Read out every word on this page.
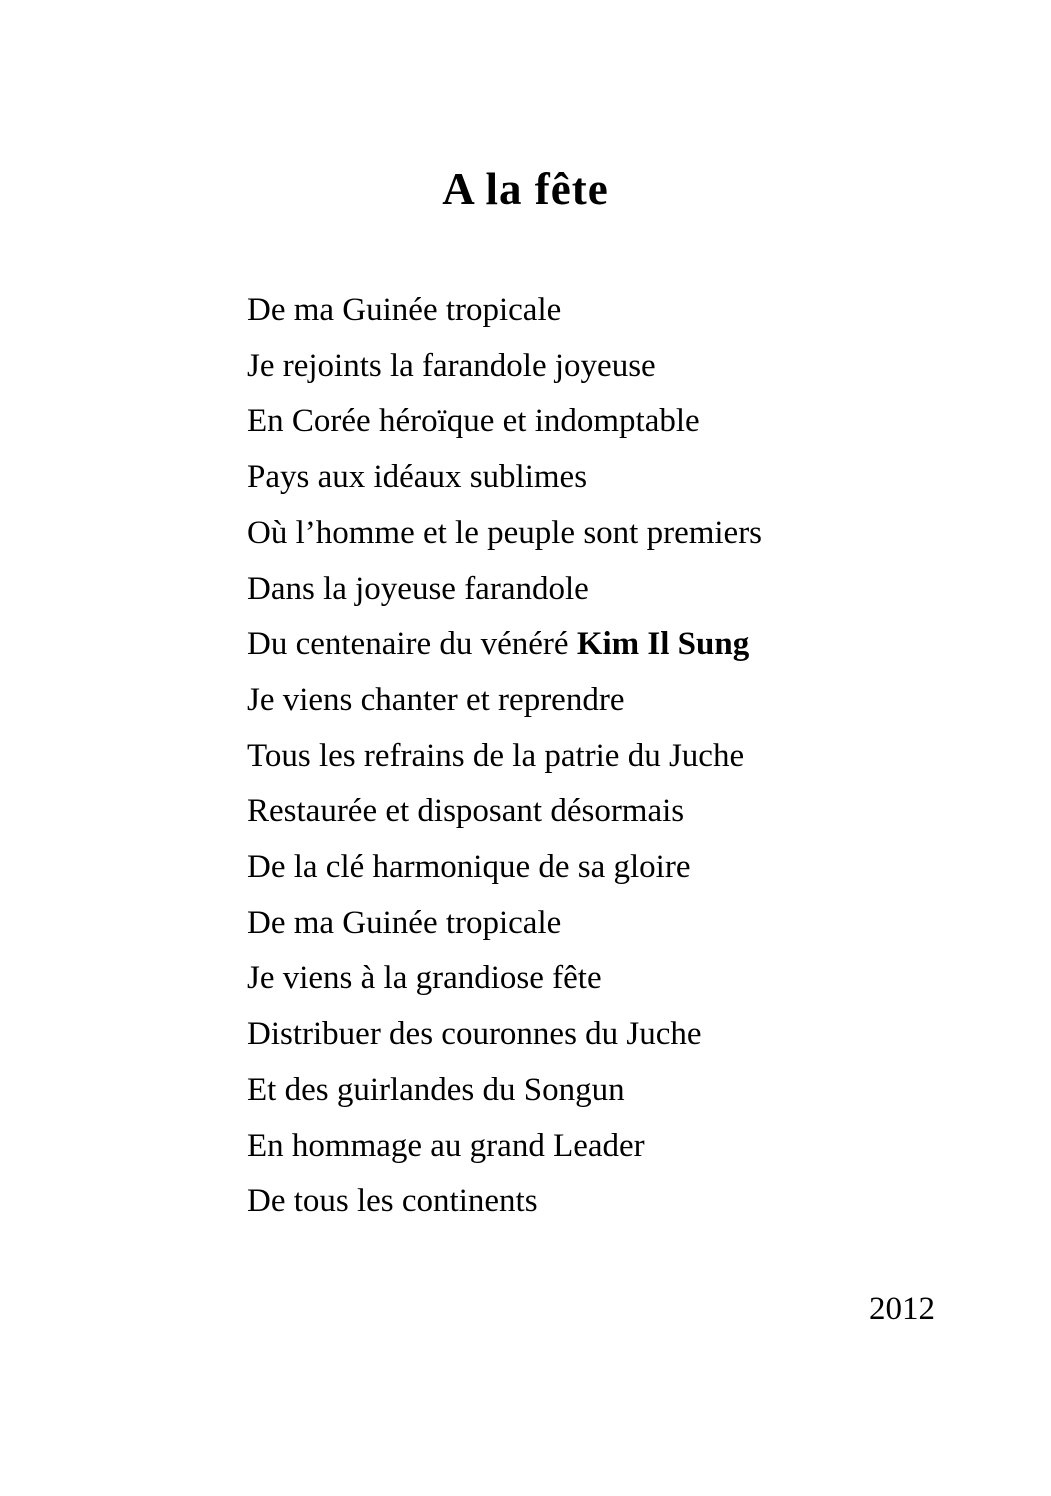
A la fête

De ma Guinée tropicale

Je rejoints la farandole joyeuse

En Corée héroïque et indomptable

Pays aux idéaux sublimes

Où l’homme et le peuple sont premiers

Dans la joyeuse farandole

Du centenaire du vénéré Kim Il Sung

Je viens chanter et reprendre

Tous les refrains de la patrie du Juche

Restaurée et disposant désormais

De la clé harmonique de sa gloire

De ma Guinée tropicale

Je viens à la grandiose fête

Distribuer des couronnes du Juche

Et des guirlandes du Songun

En hommage au grand Leader

De tous les continents

2012
